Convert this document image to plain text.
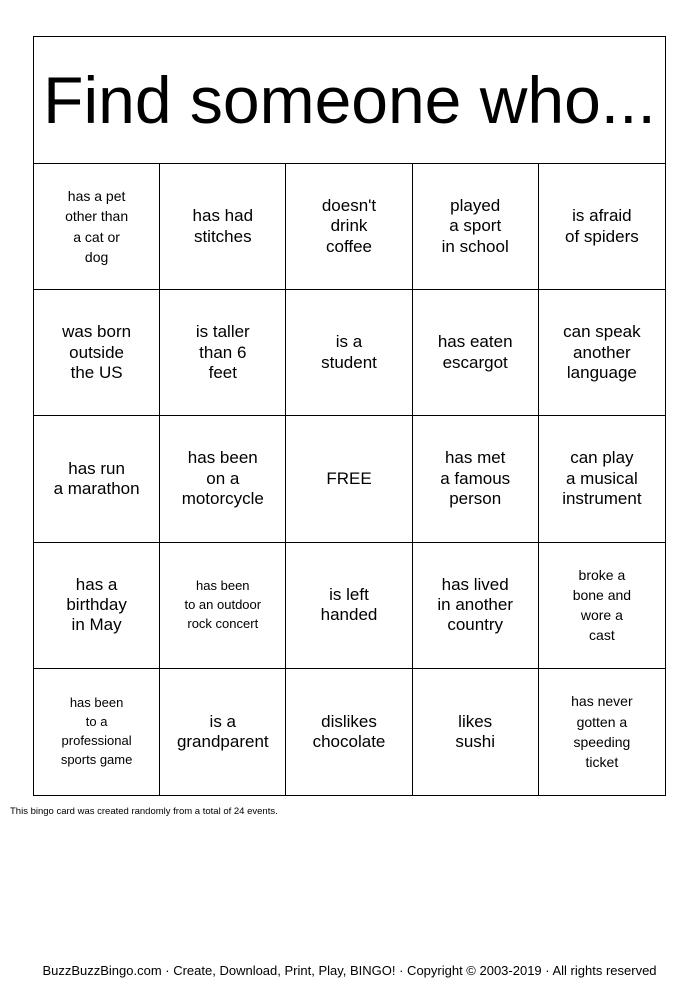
Find someone who...
has a pet
other than
a cat or
dog
has had
stitches
doesn't
drink
coffee
played
a sport
in school
is afraid
of spiders
was born
outside
the US
is taller
than 6
feet
is a
student
has eaten
escargot
can speak
another
language
has run
a marathon
has been
on a
motorcycle
FREE
has met
a famous
person
can play
a musical
instrument
has a
birthday
in May
has been
to an outdoor
rock concert
is left
handed
has lived
in another
country
broke a
bone and
wore a
cast
has been
to a
professional
sports game
is a
grandparent
dislikes
chocolate
likes
sushi
has never
gotten a
speeding
ticket
This bingo card was created randomly from a total of 24 events.
BuzzBuzzBingo.com · Create, Download, Print, Play, BINGO! · Copyright © 2003-2019 · All rights reserved
